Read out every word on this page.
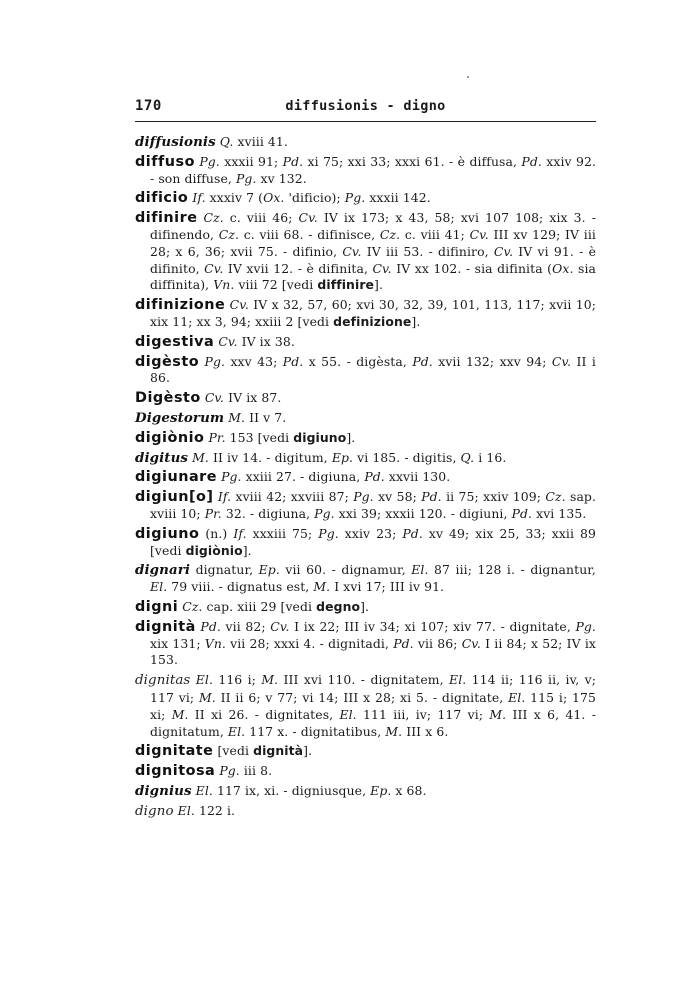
170	diffusionis - digno

diffusionis Q. xviii 41.

diffuso Pg. xxxii 91; Pd. xi 75; xxi 33; xxxi 61. - è diffusa, Pd. xxiv 92. - son diffuse, Pg. xv 132.

dificio If. xxxiv 7 (Ox. 'dificio); Pg. xxxii 142.

difinire Cz. c. viii 46; Cv. IV ix 173; x 43, 58; xvi 107 108; xix 3. - difinendo, Cz. c. viii 68. - difinisce, Cz. c. viii 41; Cv. III xv 129; IV iii 28; x 6, 36; xvii 75. - difinio, Cv. IV iii 53. - difiniro, Cv. IV vi 91. - è difinito, Cv. IV xvii 12. - è difinita, Cv. IV xx 102. - sia difinita (Ox. sia diffinita), Vn. viii 72 [vedi diffinire].

difinizione Cv. IV x 32, 57, 60; xvi 30, 32, 39, 101, 113, 117; xvii 10; xix 11; xx 3, 94; xxiii 2 [vedi definizione].

digestiva Cv. IV ix 38.

digèsto Pg. xxv 43; Pd. x 55. - digèsta, Pd. xvii 132; xxv 94; Cv. II i 86.

Digèsto Cv. IV ix 87.

Digestorum M. II v 7.

digiònio Pr. 153 [vedi digiuno].

digitus M. II iv 14. - digitum, Ep. vi 185. - digitis, Q. i 16.

digiunare Pg. xxiii 27. - digiuna, Pd. xxvii 130.

digiun[o] If. xviii 42; xxviii 87; Pg. xv 58; Pd. ii 75; xxiv 109; Cz. sap. xviii 10; Pr. 32. - digiuna, Pg. xxi 39; xxxii 120. - digiuni, Pd. xvi 135.

digiuno (n.) If. xxxiii 75; Pg. xxiv 23; Pd. xv 49; xix 25, 33; xxii 89 [vedi digiònio].

dignari dignatur, Ep. vii 60. - dignamur, El. 87 iii; 128 i. - dignantur, El. 79 viii. - dignatus est, M. I xvi 17; III iv 91.

digni Cz. cap. xiii 29 [vedi degno].

dignità Pd. vii 82; Cv. I ix 22; III iv 34; xi 107; xiv 77. - dignitate, Pg. xix 131; Vn. vii 28; xxxi 4. - dignitadi, Pd. vii 86; Cv. I ii 84; x 52; IV ix 153.

dignitas El. 116 i; M. III xvi 110. - dignitatem, El. 114 ii; 116 ii, iv, v; 117 vi; M. II ii 6; v 77; vi 14; III x 28; xi 5. - dignitate, El. 115 i; 175 xi; M. II xi 26. - dignitates, El. 111 iii, iv; 117 vi; M. III x 6, 41. - dignitatum, El. 117 x. - dignitatibus, M. III x 6.

dignitate [vedi dignità].

dignitosa Pg. iii 8.

dignius El. 117 ix, xi. - digniusque, Ep. x 68.

digno El. 122 i.
